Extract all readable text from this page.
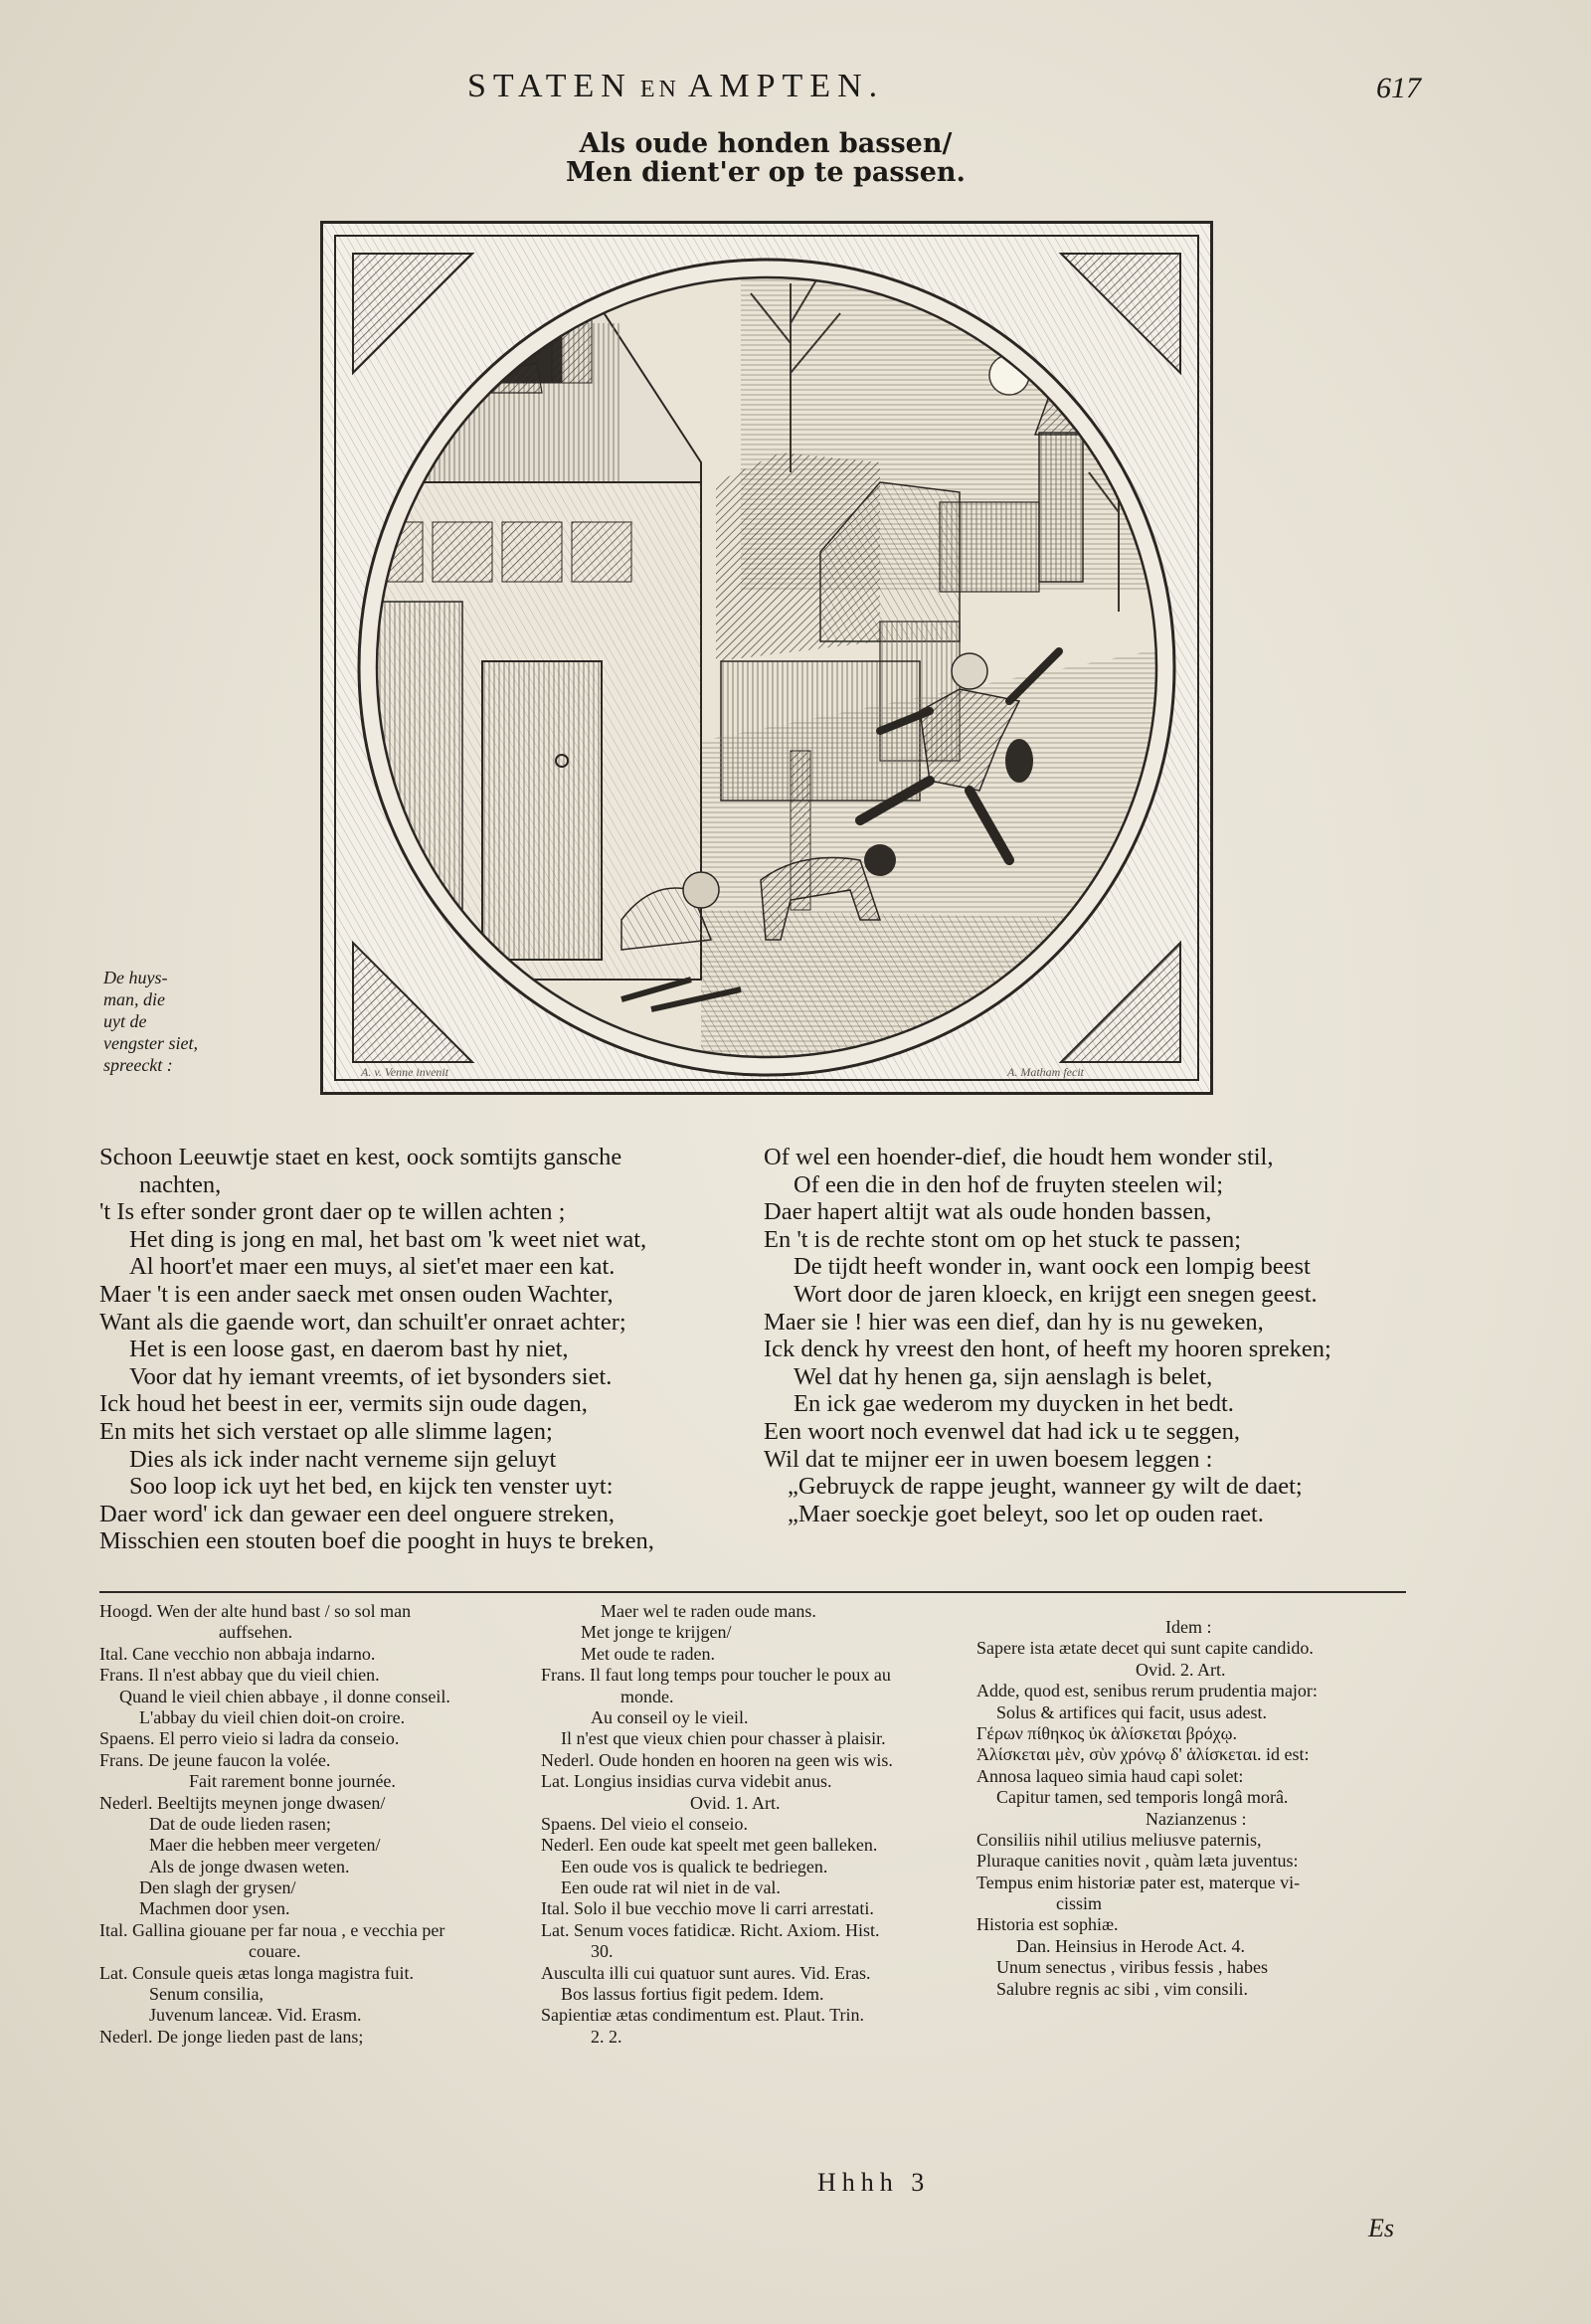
STATEN EN AMPTEN.	617
Als oude honden bassen/
Men dient'er op te passen.
A. v. Venne invenit	A. Matham fecit
De huys-
man, die
uyt de
vengster siet,
spreeckt :
Schoon Leeuwtje staet en kest, oock somtijts gansche
nachten,
't Is efter sonder gront daer op te willen achten ;
Het ding is jong en mal, het bast om 'k weet niet wat,
Al hoort'et maer een muys, al siet'et maer een kat.
Maer 't is een ander saeck met onsen ouden Wachter,
Want als die gaende wort, dan schuilt'er onraet achter;
Het is een loose gast, en daerom bast hy niet,
Voor dat hy iemant vreemts, of iet bysonders siet.
Ick houd het beest in eer, vermits sijn oude dagen,
En mits het sich verstaet op alle slimme lagen;
Dies als ick inder nacht verneme sijn geluyt
Soo loop ick uyt het bed, en kijck ten venster uyt:
Daer word' ick dan gewaer een deel onguere streken,
Misschien een stouten boef die pooght in huys te breken,
Of wel een hoender-dief, die houdt hem wonder stil,
Of een die in den hof de fruyten steelen wil;
Daer hapert altijt wat als oude honden bassen,
En 't is de rechte stont om op het stuck te passen;
De tijdt heeft wonder in, want oock een lompig beest
Wort door de jaren kloeck, en krijgt een snegen geest.
Maer sie ! hier was een dief, dan hy is nu geweken,
Ick denck hy vreest den hont, of heeft my hooren spreken;
Wel dat hy henen ga, sijn aenslagh is belet,
En ick gae wederom my duycken in het bedt.
Een woort noch evenwel dat had ick u te seggen,
Wil dat te mijner eer in uwen boesem leggen :
„Gebruyck de rappe jeught, wanneer gy wilt de daet;
„Maer soeckje goet beleyt, soo let op ouden raet.
Hoogd. Wen der alte hund bast / so sol man
auffsehen.
Ital. Cane vecchio non abbaja indarno.
Frans. Il n'est abbay que du vieil chien.
Quand le vieil chien abbaye , il donne conseil.
L'abbay du vieil chien doit-on croire.
Spaens. El perro vieio si ladra da conseio.
Frans. De jeune faucon la volée.
Fait rarement bonne journée.
Nederl. Beeltijts meynen jonge dwasen/
Dat de oude lieden rasen;
Maer die hebben meer vergeten/
Als de jonge dwasen weten.
Den slagh der grysen/
Machmen door ysen.
Ital. Gallina giouane per far noua , e vecchia per
couare.
Lat. Consule queis ætas longa magistra fuit.
Senum consilia,
Juvenum lanceæ. Vid. Erasm.
Nederl. De jonge lieden past de lans;
Maer wel te raden oude mans.
Met jonge te krijgen/
Met oude te raden.
Frans. Il faut long temps pour toucher le poux au
monde.
Au conseil oy le vieil.
Il n'est que vieux chien pour chasser à plaisir.
Nederl. Oude honden en hooren na geen wis wis.
Lat. Longius insidias curva videbit anus.
Ovid. 1. Art.
Spaens. Del vieio el conseio.
Nederl. Een oude kat speelt met geen balleken.
Een oude vos is qualick te bedriegen.
Een oude rat wil niet in de val.
Ital. Solo il bue vecchio move li carri arrestati.
Lat. Senum voces fatidicæ. Richt. Axiom. Hist.
30.
Ausculta illi cui quatuor sunt aures. Vid. Eras.
Bos lassus fortius figit pedem. Idem.
Sapientiæ ætas condimentum est. Plaut. Trin.
2. 2.
Idem :
Sapere ista ætate decet qui sunt capite candido.
Ovid. 2. Art.
Adde, quod est, senibus rerum prudentia major:
Solus & artifices qui facit, usus adest.
Γέρων πίθηκος ὐκ ἁλίσκεται βρόχῳ.
Ἁλίσκεται μὲν, σὺν χρόνῳ δ' ἁλίσκεται. id est:
Annosa laqueo simia haud capi solet:
Capitur tamen, sed temporis longâ morâ.
Nazianzenus :
Consiliis nihil utilius meliusve paternis,
Pluraque canities novit , quàm læta juventus:
Tempus enim historiæ pater est, materque vi-
cissim
Historia est sophiæ.
Dan. Heinsius in Herode Act. 4.
Unum senectus , viribus fessis , habes
Salubre regnis ac sibi , vim consili.
Hhhh 3
Es
